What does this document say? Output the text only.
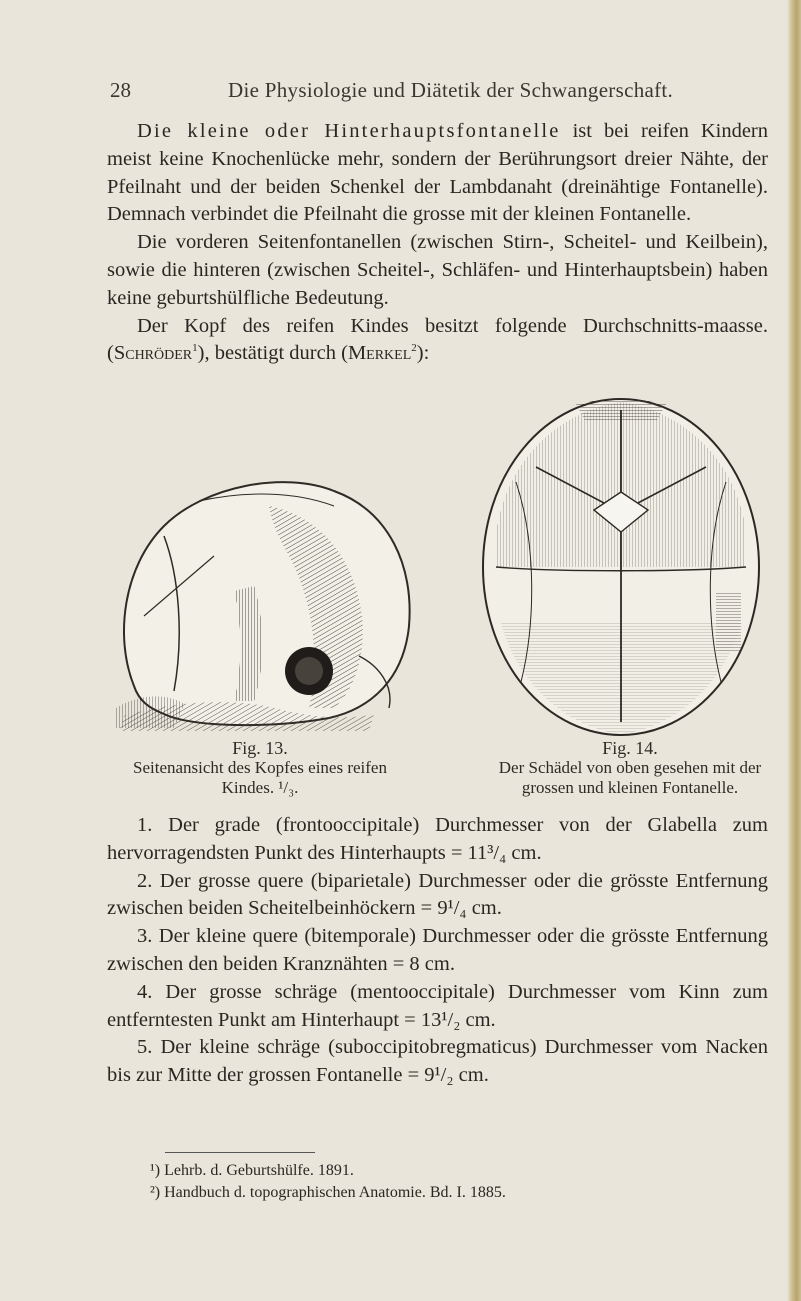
28	Die Physiologie und Diätetik der Schwangerschaft.

Die kleine oder Hinterhauptsfontanelle ist bei reifen Kindern meist keine Knochenlücke mehr, sondern der Berührungsort dreier Nähte, der Pfeilnaht und der beiden Schenkel der Lambdanaht (dreinähtige Fontanelle). Demnach verbindet die Pfeilnaht die grosse mit der kleinen Fontanelle.

Die vorderen Seitenfontanellen (zwischen Stirn-, Scheitel- und Keilbein), sowie die hinteren (zwischen Scheitel-, Schläfen- und Hinterhauptsbein) haben keine geburtshülfliche Bedeutung.

Der Kopf des reifen Kindes besitzt folgende Durchschnitts-maasse. (Schröder$^1$), bestätigt durch (Merkel$^2$):

Fig. 13.
Seitenansicht des Kopfes eines reifen Kindes. ¹/₃.
Fig. 14.
Der Schädel von oben gesehen mit der grossen und kleinen Fontanelle.

1. Der grade (frontooccipitale) Durchmesser von der Glabella zum hervorragendsten Punkt des Hinterhaupts = 11³/₄ cm.

2. Der grosse quere (biparietale) Durchmesser oder die grösste Entfernung zwischen beiden Scheitelbeinhöckern = 9¹/₄ cm.

3. Der kleine quere (bitemporale) Durchmesser oder die grösste Entfernung zwischen den beiden Kranznähten = 8 cm.

4. Der grosse schräge (mentooccipitale) Durchmesser vom Kinn zum entferntesten Punkt am Hinterhaupt = 13¹/₂ cm.

5. Der kleine schräge (suboccipitobregmaticus) Durchmesser vom Nacken bis zur Mitte der grossen Fontanelle = 9¹/₂ cm.

¹) Lehrb. d. Geburtshülfe. 1891.
²) Handbuch d. topographischen Anatomie. Bd. I. 1885.
